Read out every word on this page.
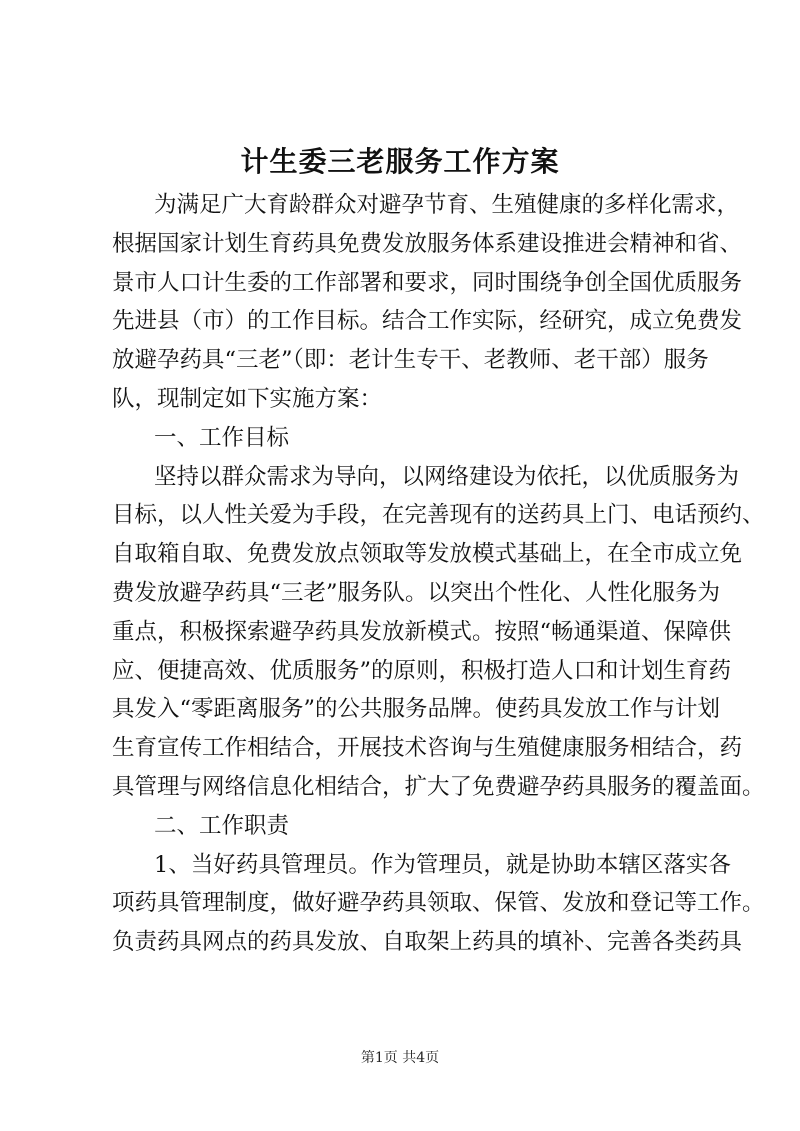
计生委三老服务工作方案
为满足广大育龄群众对避孕节育、生殖健康的多样化需求，
根据国家计划生育药具免费发放服务体系建设推进会精神和省、
景市人口计生委的工作部署和要求，同时围绕争创全国优质服务
先进县（市）的工作目标。结合工作实际，经研究，成立免费发
放避孕药具“三老”（即：老计生专干、老教师、老干部）服务
队，现制定如下实施方案：
一、工作目标
坚持以群众需求为导向，以网络建设为依托，以优质服务为
目标，以人性关爱为手段，在完善现有的送药具上门、电话预约、
自取箱自取、免费发放点领取等发放模式基础上，在全市成立免
费发放避孕药具“三老”服务队。以突出个性化、人性化服务为
重点，积极探索避孕药具发放新模式。按照“畅通渠道、保障供
应、便捷高效、优质服务”的原则，积极打造人口和计划生育药
具发入“零距离服务”的公共服务品牌。使药具发放工作与计划
生育宣传工作相结合，开展技术咨询与生殖健康服务相结合，药
具管理与网络信息化相结合，扩大了免费避孕药具服务的覆盖面。
二、工作职责
1、当好药具管理员。作为管理员，就是协助本辖区落实各
项药具管理制度，做好避孕药具领取、保管、发放和登记等工作。
负责药具网点的药具发放、自取架上药具的填补、完善各类药具
第1页 共4页
